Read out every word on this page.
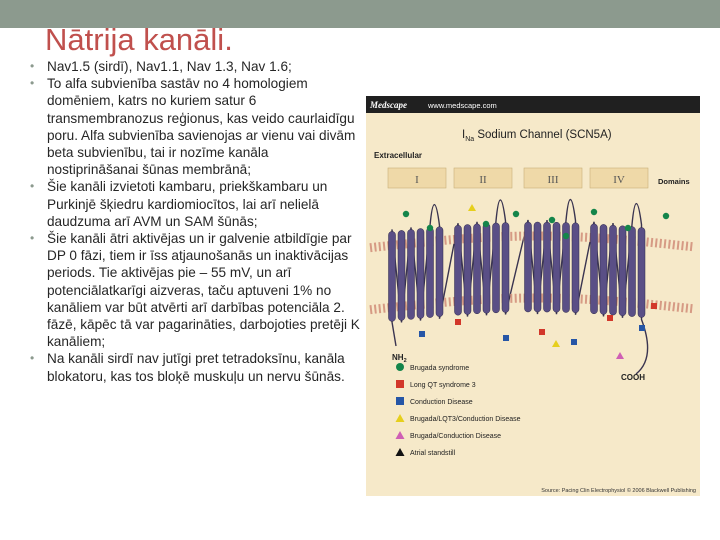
Nātrija kanāli.
• Nav1.5 (sirdī), Nav1.1, Nav 1.3, Nav 1.6;
• To alfa subvienība sastāv no 4 homologiem domēniem, katrs no kuriem satur 6 transmembranozus reģionus, kas veido caurlaidīgu poru. Alfa subvienība savienojas ar vienu vai divām beta subvienību, tai ir nozīme kanāla nostiprināšanai šūnas membrānā;
• Šie kanāli izvietoti kambaru, priekškambaru un Purkinjē šķiedru kardiomiocītos, lai arī nelielā daudzuma arī AVM un SAM šūnās;
• Šie kanāli ātri aktivējas un ir galvenie atbildīgie par DP 0 fāzi, tiem ir īss atjaunošanās un inaktivācijas periods. Tie aktivējas pie – 55 mV, un arī potenciālatkarīgi aizveras, taču aptuveni 1% no kanāliem var būt atvērti arī darbības potenciāla 2. fāzē, kāpēc tā var pagarināties, darbojoties pretēji K kanāliem;
• Na kanāli sirdī nav jutīgi pret tetradoksīnu, kanāla blokatoru, kas tos bloķē muskuļu un nervu šūnās.
Medscape	www.medscape.com
$I_{Na}$ Sodium Channel (SCN5A)
Extracellular
I	II	III	IV	Domains
$NH_2$
COOH
Brugada syndrome
Long QT syndrome 3
Conduction Disease
Brugada/LQT3/Conduction Disease
Brugada/Conduction Disease
Atrial standstill
Source: Pacing Clin Electrophysiol © 2006 Blackwell Publishing
